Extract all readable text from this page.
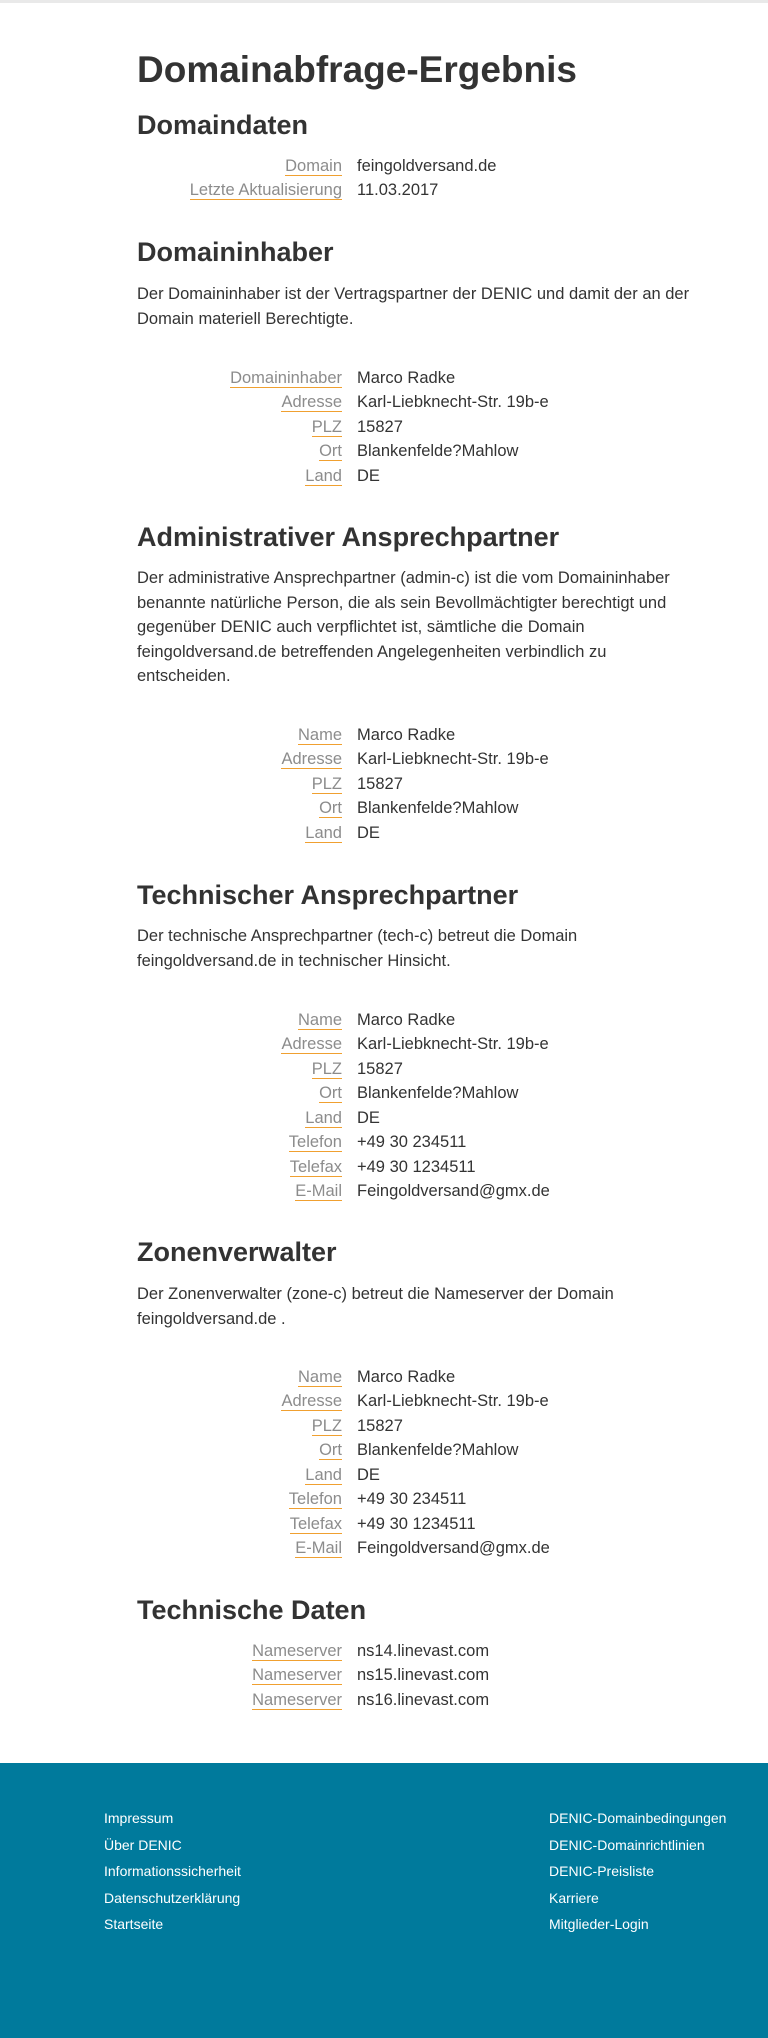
Domainabfrage-Ergebnis
Domaindaten
Domain feingoldversand.de
Letzte Aktualisierung 11.03.2017
Domaininhaber

Der Domaininhaber ist der Vertragspartner der DENIC und damit der an der Domain materiell Berechtigte.

Domaininhaber Marco Radke
Adresse Karl-Liebknecht-Str. 19b-e
PLZ 15827
Ort Blankenfelde?Mahlow
Land DE
Administrativer Ansprechpartner

Der administrative Ansprechpartner (admin-c) ist die vom Domaininhaber benannte natürliche Person, die als sein Bevollmächtigter berechtigt und gegenüber DENIC auch verpflichtet ist, sämtliche die Domain feingoldversand.de betreffenden Angelegenheiten verbindlich zu entscheiden.

Name Marco Radke
Adresse Karl-Liebknecht-Str. 19b-e
PLZ 15827
Ort Blankenfelde?Mahlow
Land DE
Technischer Ansprechpartner

Der technische Ansprechpartner (tech-c) betreut die Domain feingoldversand.de in technischer Hinsicht.

Name Marco Radke
Adresse Karl-Liebknecht-Str. 19b-e
PLZ 15827
Ort Blankenfelde?Mahlow
Land DE
Telefon +49 30 234511
Telefax +49 30 1234511
E-Mail Feingoldversand@gmx.de
Zonenverwalter

Der Zonenverwalter (zone-c) betreut die Nameserver der Domain feingoldversand.de .

Name Marco Radke
Adresse Karl-Liebknecht-Str. 19b-e
PLZ 15827
Ort Blankenfelde?Mahlow
Land DE
Telefon +49 30 234511
Telefax +49 30 1234511
E-Mail Feingoldversand@gmx.de
Technische Daten
Nameserver ns14.linevast.com
Nameserver ns15.linevast.com
Nameserver ns16.linevast.com
Impressum
Über DENIC
Informationssicherheit
Datenschutzerklärung
Startseite
DENIC-Domainbedingungen
DENIC-Domainrichtlinien
DENIC-Preisliste
Karriere
Mitglieder-Login
